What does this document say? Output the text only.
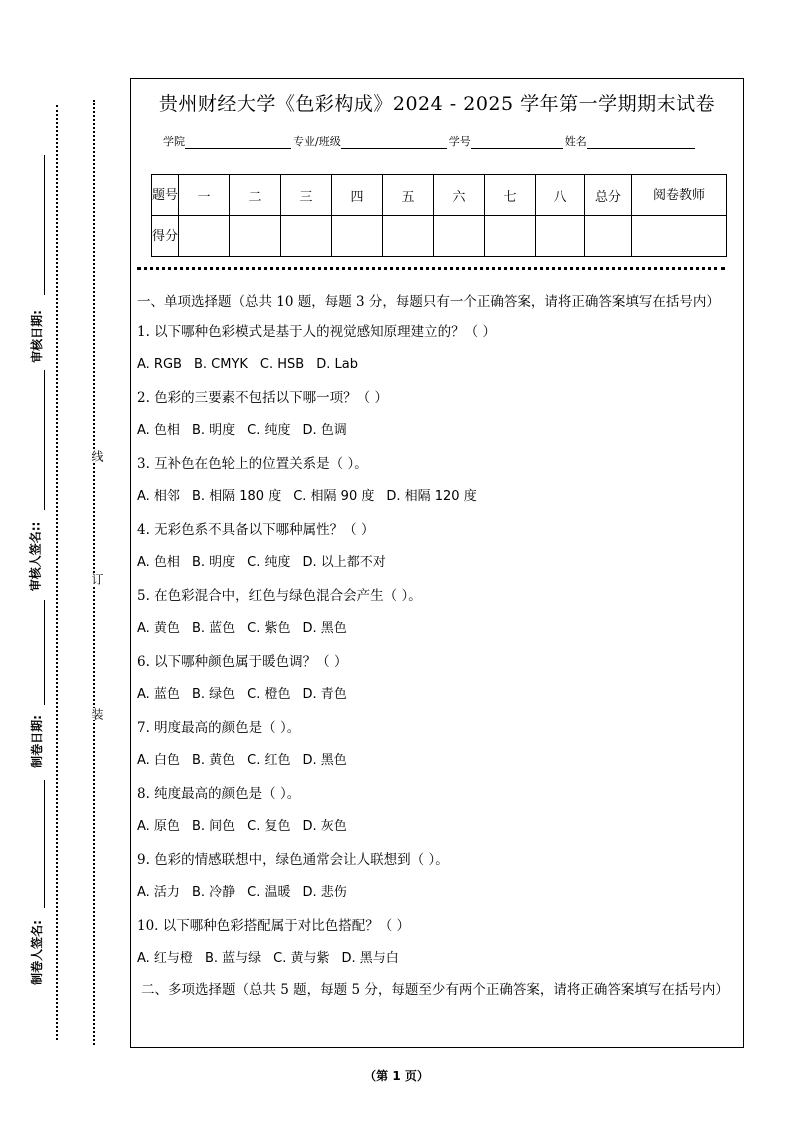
审核日期:
审核人签名::
制卷日期:
制卷人签名:
线
订
装
贵州财经大学《色彩构成》2024 - 2025 学年第一学期期末试卷
学院	专业/班级	学号	姓名
题号	一	二	三	四	五	六	七	八	总分	阅卷教师
得分										
一、单项选择题（总共 10 题，每题 3 分，每题只有一个正确答案，请将正确答案填写在括号内）
1. 以下哪种色彩模式是基于人的视觉感知原理建立的？（ ）
A. RGB B. CMYK C. HSB D. Lab
2. 色彩的三要素不包括以下哪一项？（ ）
A. 色相 B. 明度 C. 纯度 D. 色调
3. 互补色在色轮上的位置关系是（ ）。
A. 相邻 B. 相隔 180 度 C. 相隔 90 度 D. 相隔 120 度
4. 无彩色系不具备以下哪种属性？（ ）
A. 色相 B. 明度 C. 纯度 D. 以上都不对
5. 在色彩混合中，红色与绿色混合会产生（ ）。
A. 黄色 B. 蓝色 C. 紫色 D. 黑色
6. 以下哪种颜色属于暖色调？（ ）
A. 蓝色 B. 绿色 C. 橙色 D. 青色
7. 明度最高的颜色是（ ）。
A. 白色 B. 黄色 C. 红色 D. 黑色
8. 纯度最高的颜色是（ ）。
A. 原色 B. 间色 C. 复色 D. 灰色
9. 色彩的情感联想中，绿色通常会让人联想到（ ）。
A. 活力 B. 冷静 C. 温暖 D. 悲伤
10. 以下哪种色彩搭配属于对比色搭配？（ ）
A. 红与橙 B. 蓝与绿 C. 黄与紫 D. 黑与白
二、多项选择题（总共 5 题，每题 5 分，每题至少有两个正确答案，请将正确答案填写在括号内）
（第 1 页）
